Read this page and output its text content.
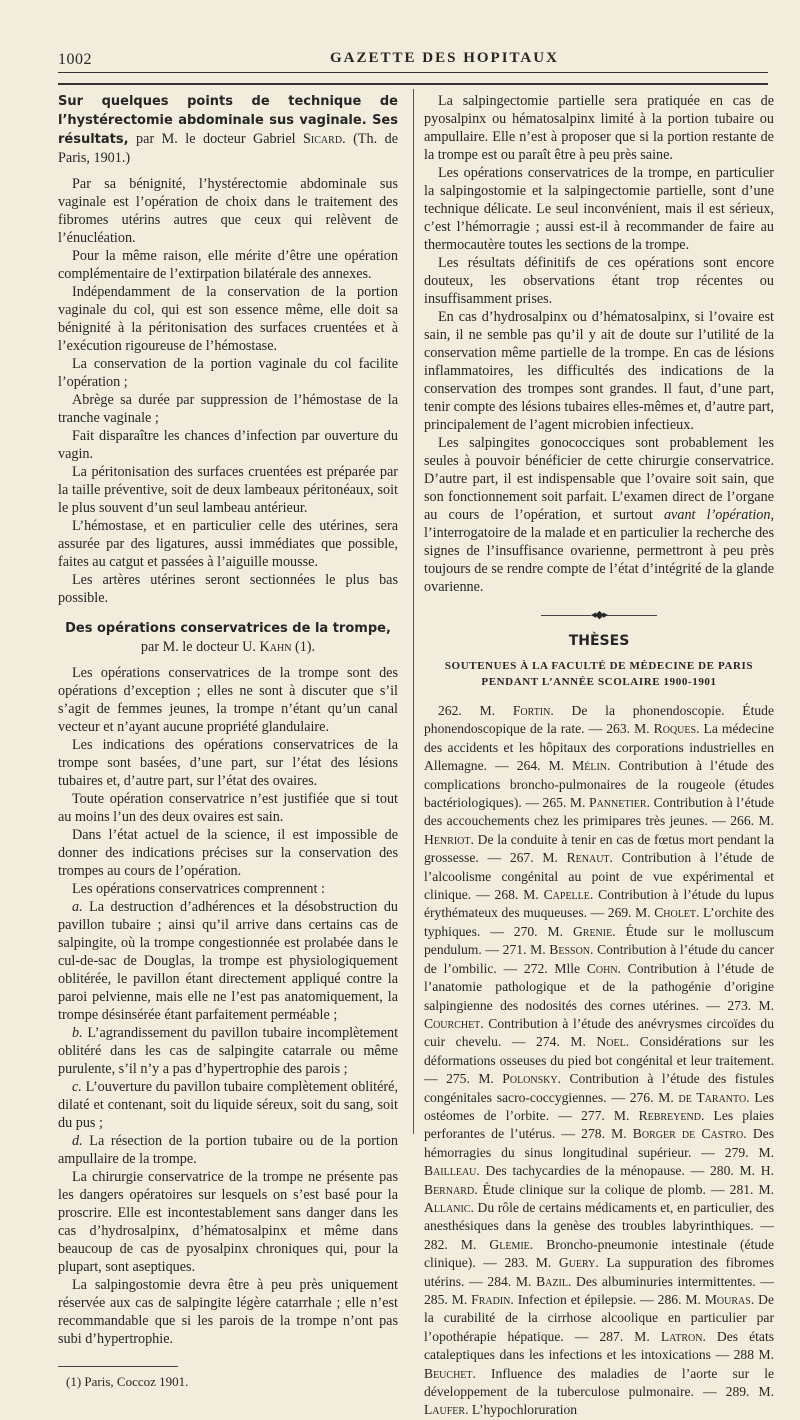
1002	GAZETTE DES HOPITAUX

Sur quelques points de technique de l’hystérectomie abdominale sus vaginale. Ses résultats, par M. le docteur Gabriel Sicard. (Th. de Paris, 1901.)

Par sa bénignité, l’hystérectomie abdominale sus vaginale est l’opération de choix dans le traitement des fibromes utérins autres que ceux qui relèvent de l’énucléation.

Pour la même raison, elle mérite d’être une opération complémentaire de l’extirpation bilatérale des annexes.

Indépendamment de la conservation de la portion vaginale du col, qui est son essence même, elle doit sa bénignité à la péritonisation des surfaces cruentées et à l’exécution rigoureuse de l’hémostase.

La conservation de la portion vaginale du col facilite l’opération ;

Abrège sa durée par suppression de l’hémostase de la tranche vaginale ;

Fait disparaître les chances d’infection par ouverture du vagin.

La péritonisation des surfaces cruentées est préparée par la taille préventive, soit de deux lambeaux péritonéaux, soit le plus souvent d’un seul lambeau antérieur.

L’hémostase, et en particulier celle des utérines, sera assurée par des ligatures, aussi immédiates que possible, faites au catgut et passées à l’aiguille mousse.

Les artères utérines seront sectionnées le plus bas possible.

Des opérations conservatrices de la trompe,
par M. le docteur U. Kahn (1).

Les opérations conservatrices de la trompe sont des opérations d’exception ; elles ne sont à discuter que s’il s’agit de femmes jeunes, la trompe n’étant qu’un canal vecteur et n’ayant aucune propriété glandulaire.

Les indications des opérations conservatrices de la trompe sont basées, d’une part, sur l’état des lésions tubaires et, d’autre part, sur l’état des ovaires.

Toute opération conservatrice n’est justifiée que si tout au moins l’un des deux ovaires est sain.

Dans l’état actuel de la science, il est impossible de donner des indications précises sur la conservation des trompes au cours de l’opération.

Les opérations conservatrices comprennent :

a. La destruction d’adhérences et la désobstruction du pavillon tubaire ; ainsi qu’il arrive dans certains cas de salpingite, où la trompe congestionnée est prolabée dans le cul-de-sac de Douglas, la trompe est physiologiquement oblitérée, le pavillon étant directement appliqué contre la paroi pelvienne, mais elle ne l’est pas anatomiquement, la trompe désinsérée étant parfaitement perméable ;

b. L’agrandissement du pavillon tubaire incomplètement oblitéré dans les cas de salpingite catarrale ou même purulente, s’il n’y a pas d’hypertrophie des parois ;

c. L’ouverture du pavillon tubaire complètement oblitéré, dilaté et contenant, soit du liquide séreux, soit du sang, soit du pus ;

d. La résection de la portion tubaire ou de la portion ampullaire de la trompe.

La chirurgie conservatrice de la trompe ne présente pas les dangers opératoires sur lesquels on s’est basé pour la proscrire. Elle est incontestablement sans danger dans les cas d’hydrosalpinx, d’hématosalpinx et même dans beaucoup de cas de pyosalpinx chroniques qui, pour la plupart, sont aseptiques.

La salpingostomie devra être à peu près uniquement réservée aux cas de salpingite légère catarrhale ; elle n’est recommandable que si les parois de la trompe n’ont pas subi d’hypertrophie.

(1) Paris, Coccoz 1901.

La salpingectomie partielle sera pratiquée en cas de pyosalpinx ou hématosalpinx limité à la portion tubaire ou ampullaire. Elle n’est à proposer que si la portion restante de la trompe est ou paraît être à peu près saine.

Les opérations conservatrices de la trompe, en particulier la salpingostomie et la salpingectomie partielle, sont d’une technique délicate. Le seul inconvénient, mais il est sérieux, c’est l’hémorragie ; aussi est-il à recommander de faire au thermocautère toutes les sections de la trompe.

Les résultats définitifs de ces opérations sont encore douteux, les observations étant trop récentes ou insuffisamment prises.

En cas d’hydrosalpinx ou d’hématosalpinx, si l’ovaire est sain, il ne semble pas qu’il y ait de doute sur l’utilité de la conservation même partielle de la trompe. En cas de lésions inflammatoires, les difficultés des indications de la conservation des trompes sont grandes. Il faut, d’une part, tenir compte des lésions tubaires elles-mêmes et, d’autre part, principalement de l’agent microbien infectieux.

Les salpingites gonococciques sont probablement les seules à pouvoir bénéficier de cette chirurgie conservatrice. D’autre part, il est indispensable que l’ovaire soit sain, que son fonctionnement soit parfait. L’examen direct de l’organe au cours de l’opération, et surtout avant l’opération, l’interrogatoire de la malade et en particulier la recherche des signes de l’insuffisance ovarienne, permettront à peu près toujours de se rendre compte de l’état d’intégrité de la glande ovarienne.

◂◆▸
THÈSES
SOUTENUES À LA FACULTÉ DE MÉDECINE DE PARIS
PENDANT L’ANNÉE SCOLAIRE 1900-1901

262. M. Fortin. De la phonendoscopie. Étude phonendoscopique de la rate. — 263. M. Roques. La médecine des accidents et les hôpitaux des corporations industrielles en Allemagne. — 264. M. Mélin. Contribution à l’étude des complications broncho-pulmonaires de la rougeole (études bactériologiques). — 265. M. Pannetier. Contribution à l’étude des accouchements chez les primipares très jeunes. — 266. M. Henriot. De la conduite à tenir en cas de fœtus mort pendant la grossesse. — 267. M. Renaut. Contribution à l’étude de l’alcoolisme congénital au point de vue expérimental et clinique. — 268. M. Capelle. Contribution à l’étude du lupus érythémateux des muqueuses. — 269. M. Cholet. L’orchite des typhiques. — 270. M. Grenie. Étude sur le molluscum pendulum. — 271. M. Besson. Contribution à l’étude du cancer de l’ombilic. — 272. Mlle Cohn. Contribution à l’étude de l’anatomie pathologique et de la pathogénie d’origine salpingienne des nodosités des cornes utérines. — 273. M. Courchet. Contribution à l’étude des anévrysmes circoïdes du cuir chevelu. — 274. M. Noel. Considérations sur les déformations osseuses du pied bot congénital et leur traitement. — 275. M. Polonsky. Contribution à l’étude des fistules congénitales sacro-coccygiennes. — 276. M. de Taranto. Les ostéomes de l’orbite. — 277. M. Rebreyend. Les plaies perforantes de l’utérus. — 278. M. Borger de Castro. Des hémorragies du sinus longitudinal supérieur. — 279. M. Bailleau. Des tachycardies de la ménopause. — 280. M. H. Bernard. Étude clinique sur la colique de plomb. — 281. M. Allanic. Du rôle de certains médicaments et, en particulier, des anesthésiques dans la genèse des troubles labyrinthiques. — 282. M. Glemie. Broncho-pneumonie intestinale (étude clinique). — 283. M. Guery. La suppuration des fibromes utérins. — 284. M. Bazil. Des albuminuries intermittentes. — 285. M. Fradin. Infection et épilepsie. — 286. M. Mouras. De la curabilité de la cirrhose alcoolique en particulier par l’opothérapie hépatique. — 287. M. Latron. Des états cataleptiques dans les infections et les intoxications — 288 M. Beuchet. Influence des maladies de l’aorte sur le développement de la tuberculose pulmonaire. — 289. M. Laufer. L’hypochloruration
